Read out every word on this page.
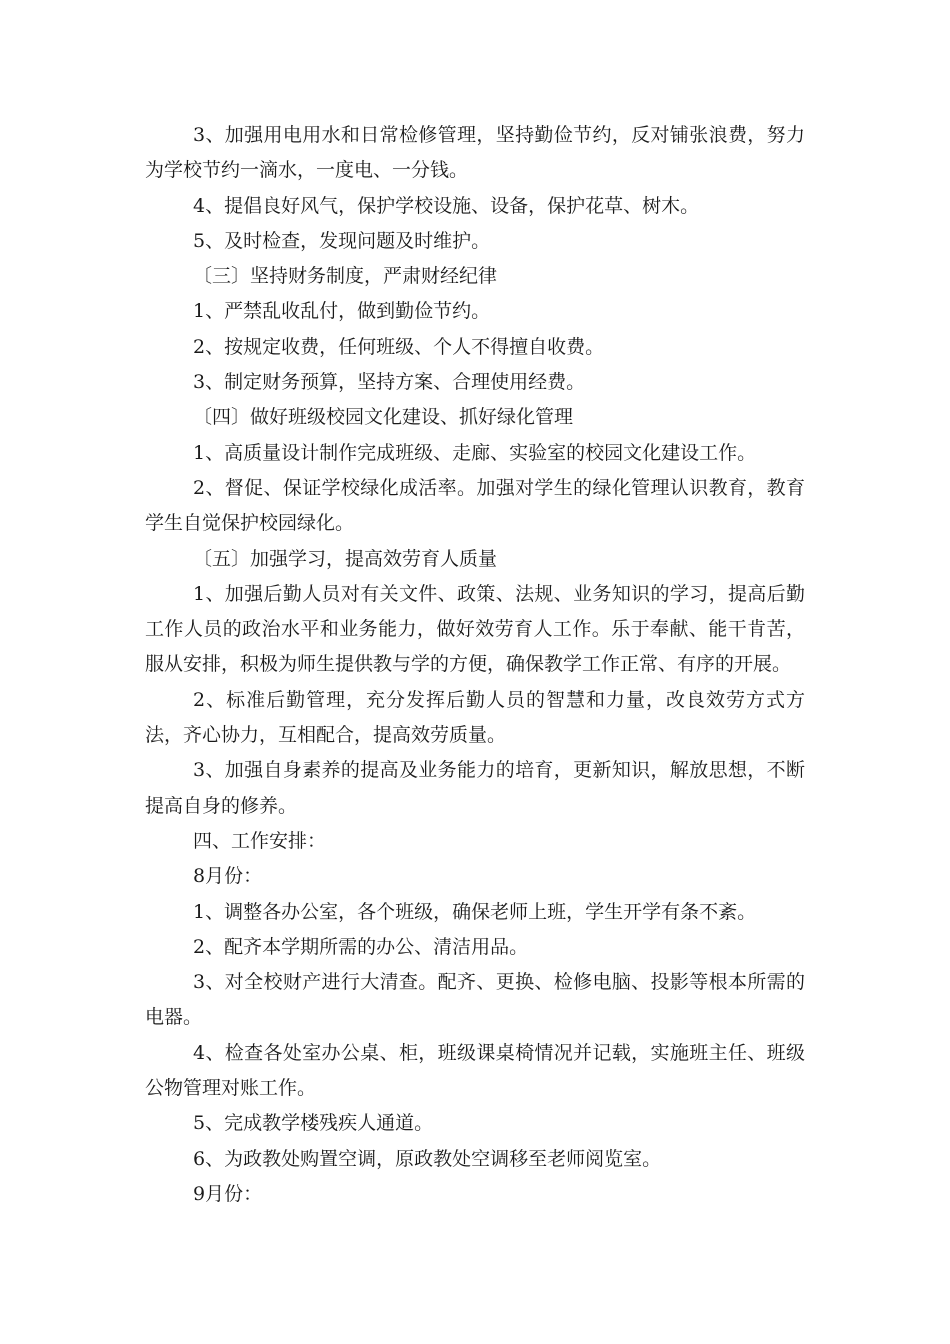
3、加强用电用水和日常检修管理，坚持勤俭节约，反对铺张浪费，努力为学校节约一滴水，一度电、一分钱。

4、提倡良好风气，保护学校设施、设备，保护花草、树木。

5、及时检查，发现问题及时维护。

〔三〕坚持财务制度，严肃财经纪律

1、严禁乱收乱付，做到勤俭节约。

2、按规定收费，任何班级、个人不得擅自收费。

3、制定财务预算，坚持方案、合理使用经费。

〔四〕做好班级校园文化建设、抓好绿化管理

1、高质量设计制作完成班级、走廊、实验室的校园文化建设工作。

2、督促、保证学校绿化成活率。加强对学生的绿化管理认识教育，教育学生自觉保护校园绿化。

〔五〕加强学习，提高效劳育人质量

1、加强后勤人员对有关文件、政策、法规、业务知识的学习，提高后勤工作人员的政治水平和业务能力，做好效劳育人工作。乐于奉献、能干肯苦，服从安排，积极为师生提供教与学的方便，确保教学工作正常、有序的开展。

2、标准后勤管理，充分发挥后勤人员的智慧和力量，改良效劳方式方法，齐心协力，互相配合，提高效劳质量。

3、加强自身素养的提高及业务能力的培育，更新知识，解放思想，不断提高自身的修养。

四、工作安排：

8月份：

1、调整各办公室，各个班级，确保老师上班，学生开学有条不紊。

2、配齐本学期所需的办公、清洁用品。

3、对全校财产进行大清查。配齐、更换、检修电脑、投影等根本所需的电器。

4、检查各处室办公桌、柜，班级课桌椅情况并记载，实施班主任、班级公物管理对账工作。

5、完成教学楼残疾人通道。

6、为政教处购置空调，原政教处空调移至老师阅览室。

9月份：
